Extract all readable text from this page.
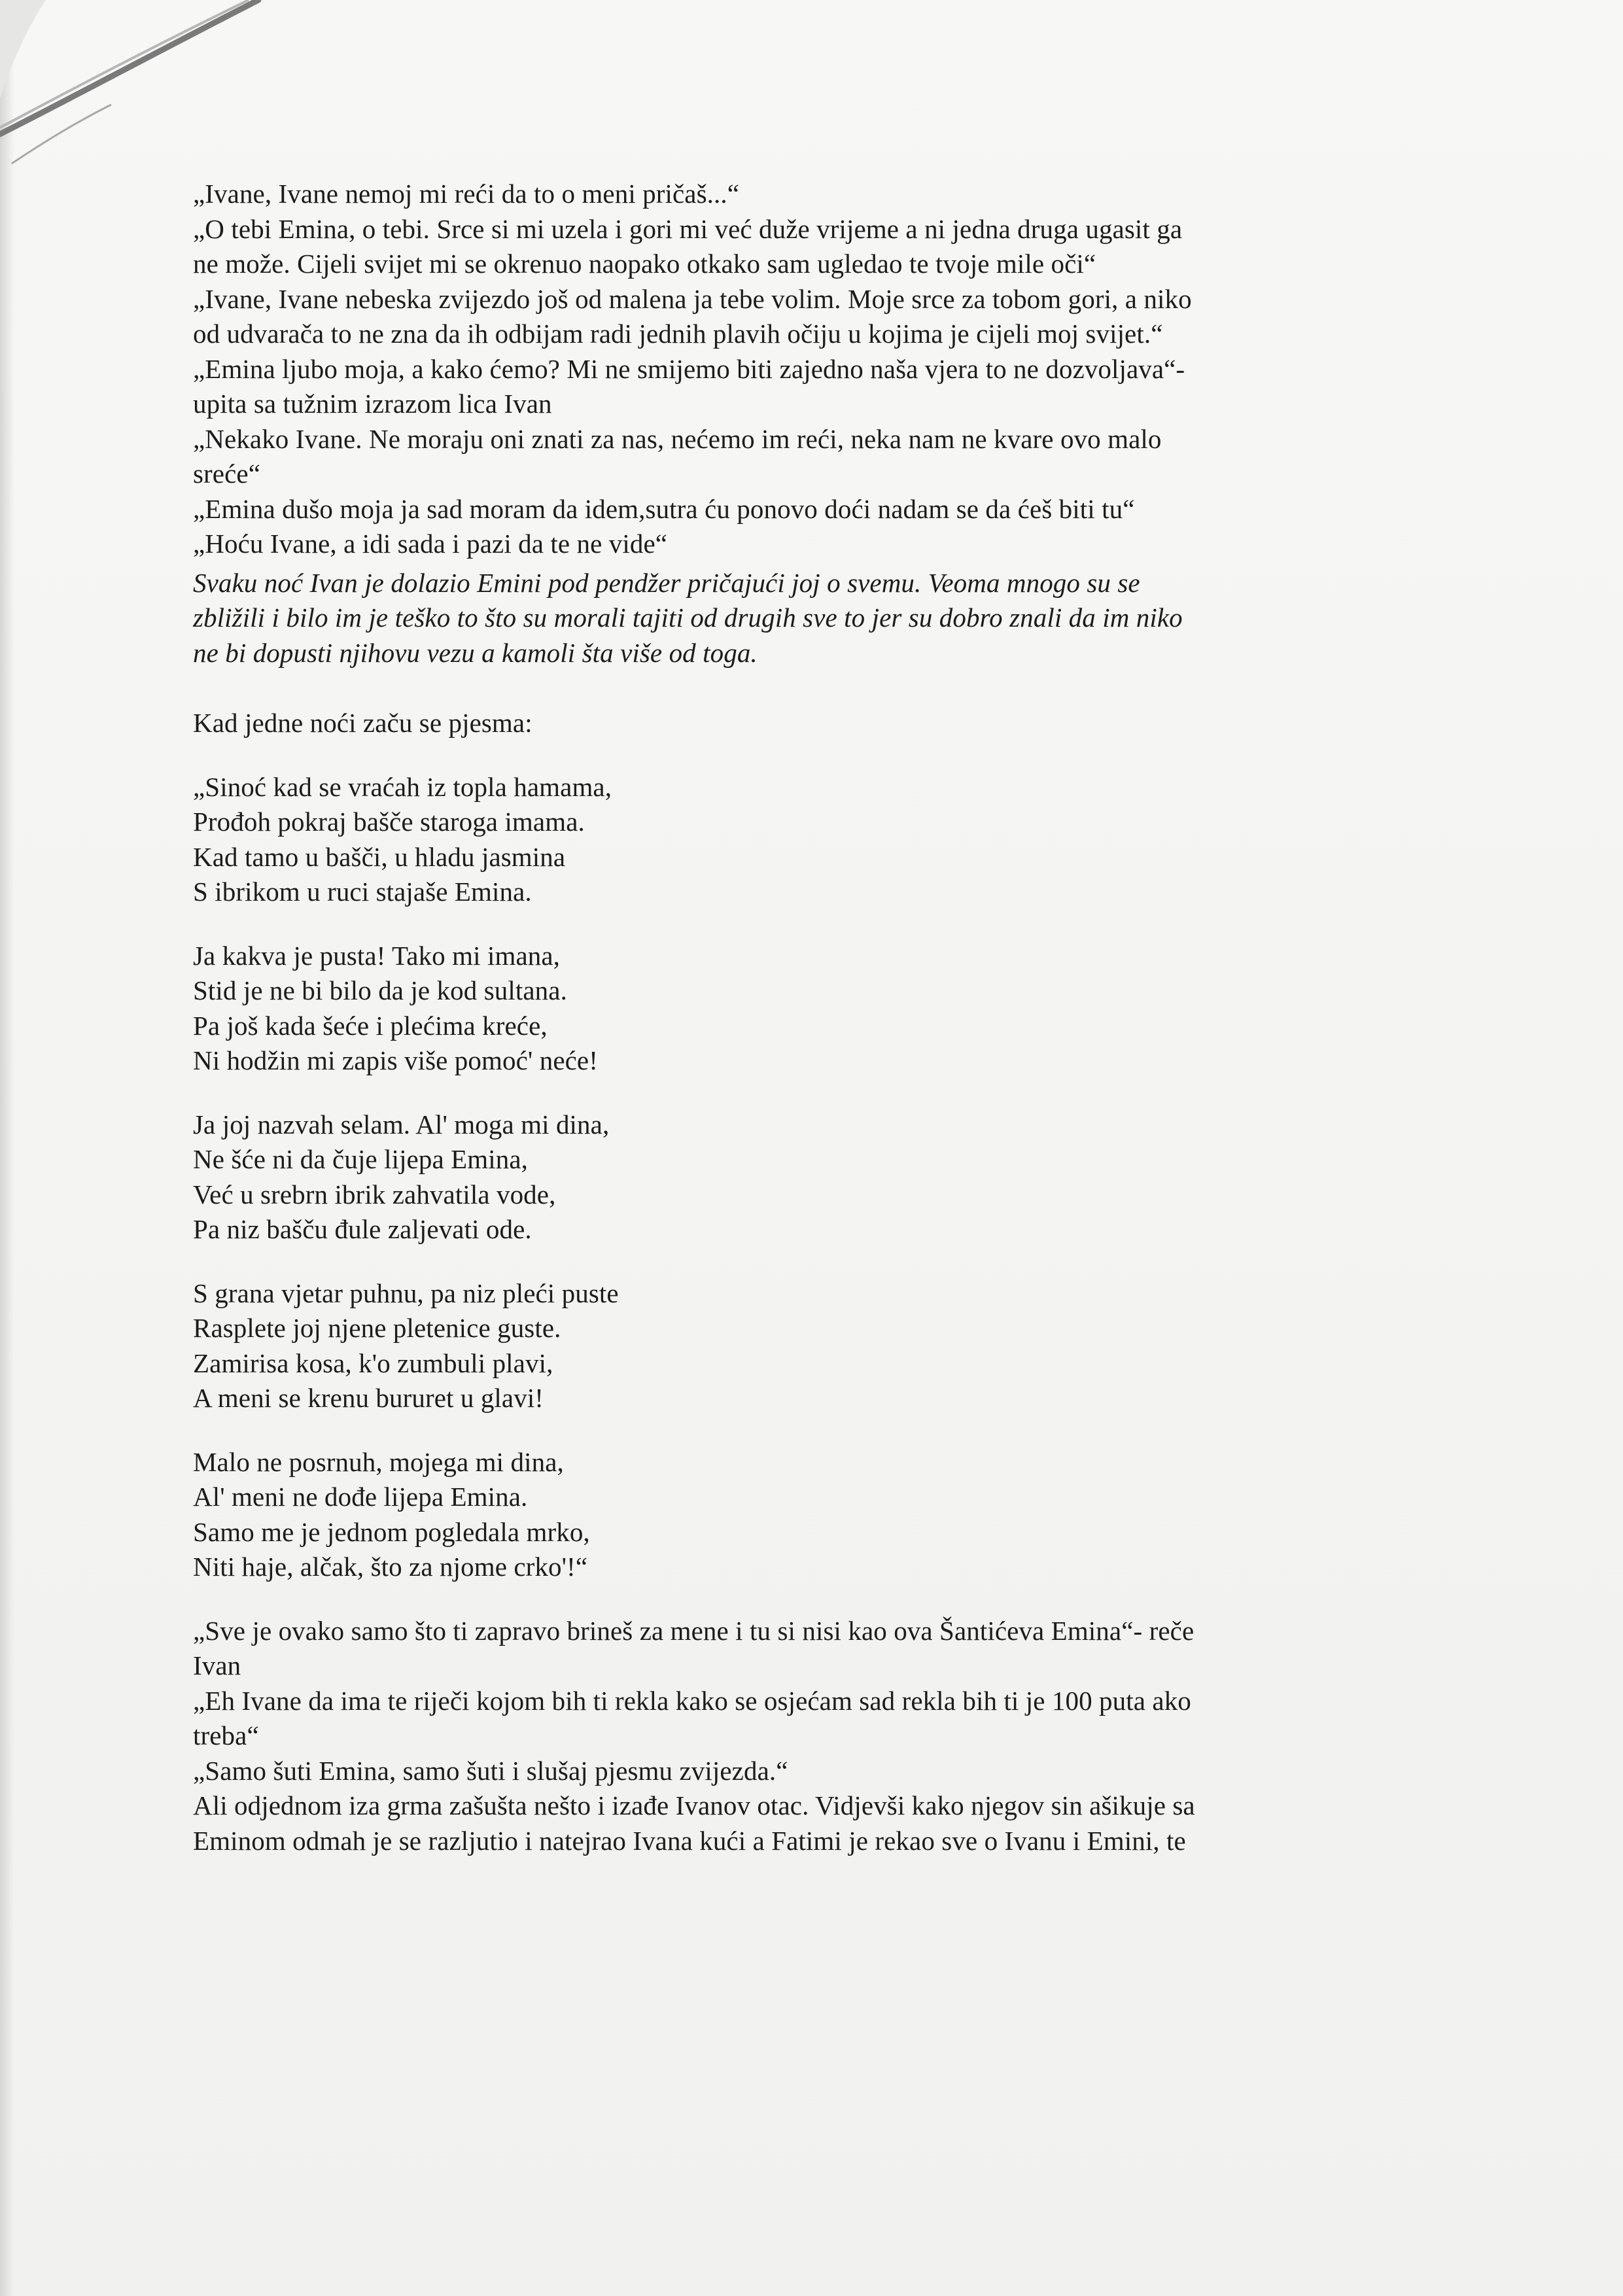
„Ivane, Ivane nemoj mi reći da to o meni pričaš...“
„O tebi Emina, o tebi. Srce si mi uzela i gori mi već duže vrijeme a ni jedna druga ugasit ga
ne može. Cijeli svijet mi se okrenuo naopako otkako sam ugledao te tvoje mile oči“
„Ivane, Ivane nebeska zvijezdo još od malena ja tebe volim. Moje srce za tobom gori, a niko
od udvarača to ne zna da ih odbijam radi jednih plavih očiju u kojima je cijeli moj svijet.“
„Emina ljubo moja, a kako ćemo? Mi ne smijemo biti zajedno naša vjera to ne dozvoljava“-
upita sa tužnim izrazom lica Ivan
„Nekako Ivane. Ne moraju oni znati za nas, nećemo im reći, neka nam ne kvare ovo malo
sreće“
„Emina dušo moja ja sad moram da idem,sutra ću ponovo doći nadam se da ćeš biti tu“
„Hoću Ivane, a idi sada i pazi da te ne vide“
Svaku noć Ivan je dolazio Emini pod pendžer pričajući joj o svemu. Veoma mnogo su se
zbližili i bilo im je teško to što su morali tajiti od drugih sve to jer su dobro znali da im niko
ne bi dopusti njihovu vezu a kamoli šta više od toga.
Kad jedne noći začu se pjesma:
„Sinoć kad se vraćah iz topla hamama,
Prođoh pokraj bašče staroga imama.
Kad tamo u bašči, u hladu jasmina
S ibrikom u ruci stajaše Emina.
Ja kakva je pusta! Tako mi imana,
Stid je ne bi bilo da je kod sultana.
Pa još kada šeće i plećima kreće,
Ni hodžin mi zapis više pomoć' neće!
Ja joj nazvah selam. Al' moga mi dina,
Ne šće ni da čuje lijepa Emina,
Već u srebrn ibrik zahvatila vode,
Pa niz bašču đule zaljevati ode.
S grana vjetar puhnu, pa niz pleći puste
Rasplete joj njene pletenice guste.
Zamirisa kosa, k'o zumbuli plavi,
A meni se krenu bururet u glavi!
Malo ne posrnuh, mojega mi dina,
Al' meni ne dođe lijepa Emina.
Samo me je jednom pogledala mrko,
Niti haje, alčak, što za njome crko'!“
„Sve je ovako samo što ti zapravo brineš za mene i tu si nisi kao ova Šantićeva Emina“- reče
Ivan
„Eh Ivane da ima te riječi kojom bih ti rekla kako se osjećam sad rekla bih ti je 100 puta ako
treba“
„Samo šuti Emina, samo šuti i slušaj pjesmu zvijezda.“
Ali odjednom iza grma zašušta nešto i izađe Ivanov otac. Vidjevši kako njegov sin ašikuje sa
Eminom odmah je se razljutio i natejrao Ivana kući a Fatimi je rekao sve o Ivanu i Emini, te
